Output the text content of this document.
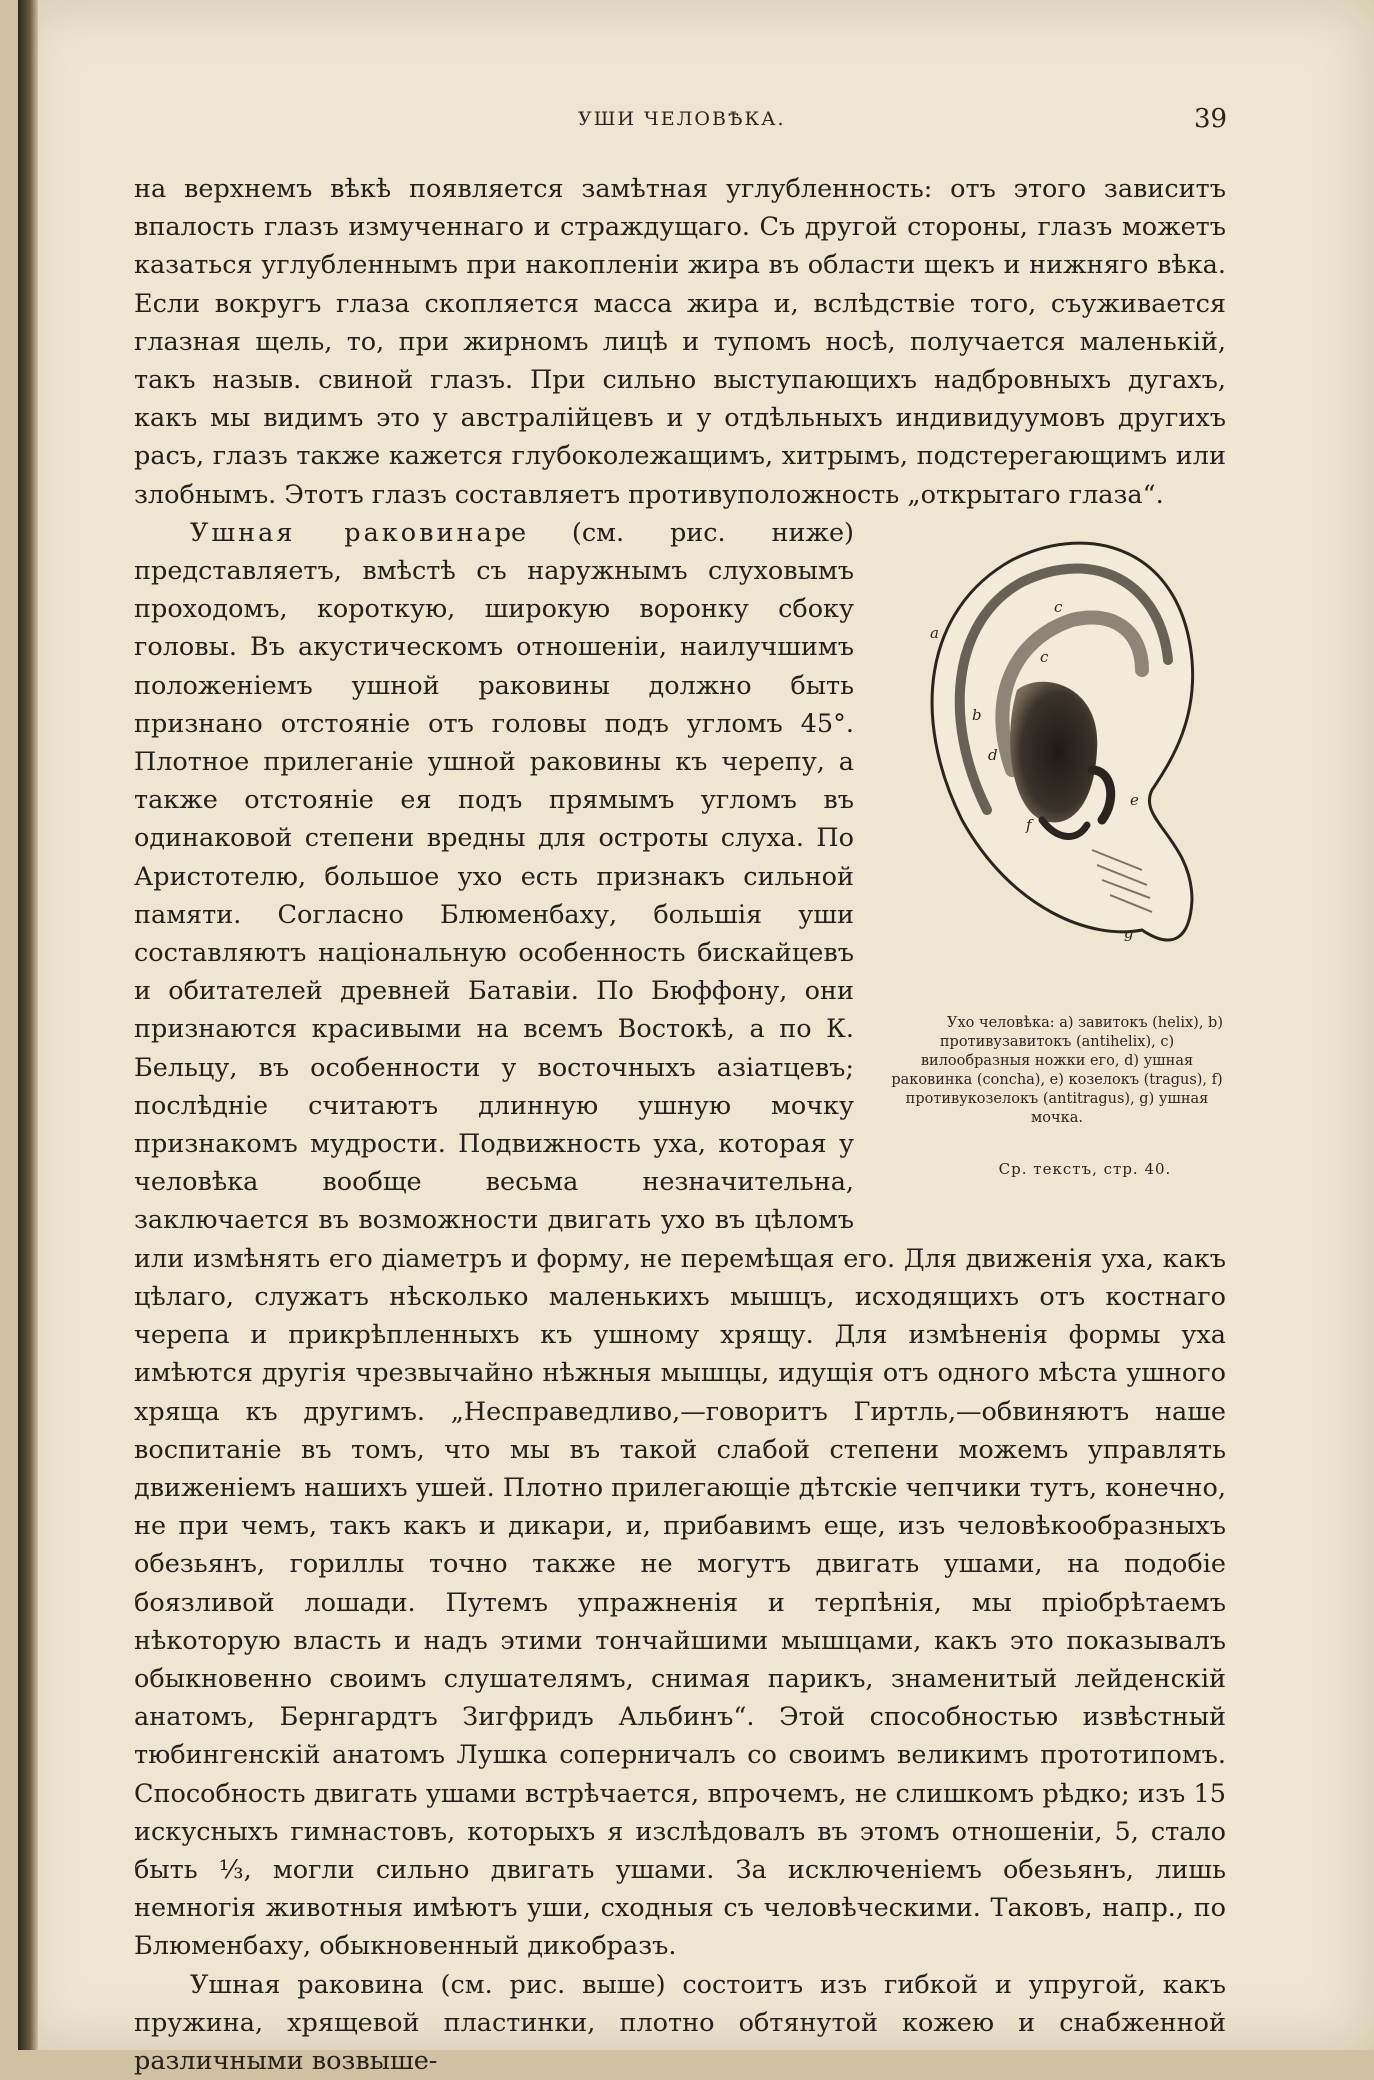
УШИ ЧЕЛОВѢКА.	39

на верхнемъ вѣкѣ появляется замѣтная углубленность: отъ этого зависитъ впалость глазъ измученнаго и страждущаго. Съ другой стороны, глазъ можетъ казаться углубленнымъ при накопленіи жира въ области щекъ и нижняго вѣка. Если вокругъ глаза скопляется масса жира и, вслѣдствіе того, съуживается глазная щель, то, при жирномъ лицѣ и тупомъ носѣ, получается маленькій, такъ назыв. свиной глазъ. При сильно выступающихъ надбровныхъ дугахъ, какъ мы видимъ это у австралійцевъ и у отдѣльныхъ индивидуумовъ другихъ расъ, глазъ также кажется глубоколежащимъ, хитрымъ, подстерегающимъ или злобнымъ. Этотъ глазъ составляетъ противуположность „открытаго глаза“.

Ушная раковина
a
b
c
c
d
e
f
g
Ухо человѣка: a) завитокъ (helix), b) противузавитокъ (antihelix), c) вилообразныя ножки его, d) ушная раковинка (concha), e) козелокъ (tragus), f) противукозелокъ (antitragus), g) ушная мочка.
Ср. текстъ, стр. 40.
ре (см. рис. ниже) представляетъ, вмѣстѣ съ наружнымъ слуховымъ проходомъ, короткую, широкую воронку сбоку головы. Въ акустическомъ отношеніи, наилучшимъ положеніемъ ушной раковины должно быть признано отстояніе отъ головы подъ угломъ 45°. Плотное прилеганіе ушной раковины къ черепу, а также отстояніе ея подъ прямымъ угломъ въ одинаковой степени вредны для остроты слуха. По Аристотелю, большое ухо есть признакъ сильной памяти. Согласно Блюменбаху, большія уши составляютъ національную особенность бискайцевъ и обитателей древней Батавіи. По Бюффону, они признаются красивыми на всемъ Востокѣ, а по К. Бельцу, въ особенности у восточныхъ азіатцевъ; послѣдніе считаютъ длинную ушную мочку признакомъ мудрости. Подвижность уха, которая у человѣка вообще весьма незначительна, заключается въ возможности двигать ухо въ цѣломъ или измѣнять его діаметръ и форму, не перемѣщая его. Для движенія уха, какъ цѣлаго, служатъ нѣсколько маленькихъ мышцъ, исходящихъ отъ костнаго черепа и прикрѣпленныхъ къ ушному хрящу. Для измѣненія формы уха имѣются другія чрезвычайно нѣжныя мышцы, идущія отъ одного мѣста ушного хряща къ другимъ. „Несправедливо,—говоритъ Гиртль,—обвиняютъ наше воспитаніе въ томъ, что мы въ такой слабой степени можемъ управлять движеніемъ нашихъ ушей. Плотно прилегающіе дѣтскіе чепчики тутъ, конечно, не при чемъ, такъ какъ и дикари, и, прибавимъ еще, изъ человѣкообразныхъ обезьянъ, гориллы точно также не могутъ двигать ушами, на подобіе боязливой лошади. Путемъ упражненія и терпѣнія, мы пріобрѣтаемъ нѣкоторую власть и надъ этими тончайшими мышцами, какъ это показывалъ обыкновенно своимъ слушателямъ, снимая парикъ, знаменитый лейденскій анатомъ, Бернгардтъ Зигфридъ Альбинъ“. Этой способностью извѣстный тюбингенскій анатомъ Лушка соперничалъ со своимъ великимъ прототипомъ. Способность двигать ушами встрѣчается, впрочемъ, не слишкомъ рѣдко; изъ 15 искусныхъ гимнастовъ, которыхъ я изслѣдовалъ въ этомъ отношеніи, 5, стало быть ⅓, могли сильно двигать ушами. За исключеніемъ обезьянъ, лишь немногія животныя имѣютъ уши, сходныя съ человѣческими. Таковъ, напр., по Блюменбаху, обыкновенный дикобразъ.

Ушная раковина (см. рис. выше) состоитъ изъ гибкой и упругой, какъ пружина, хрящевой пластинки, плотно обтянутой кожею и снабженной различными возвыше-
